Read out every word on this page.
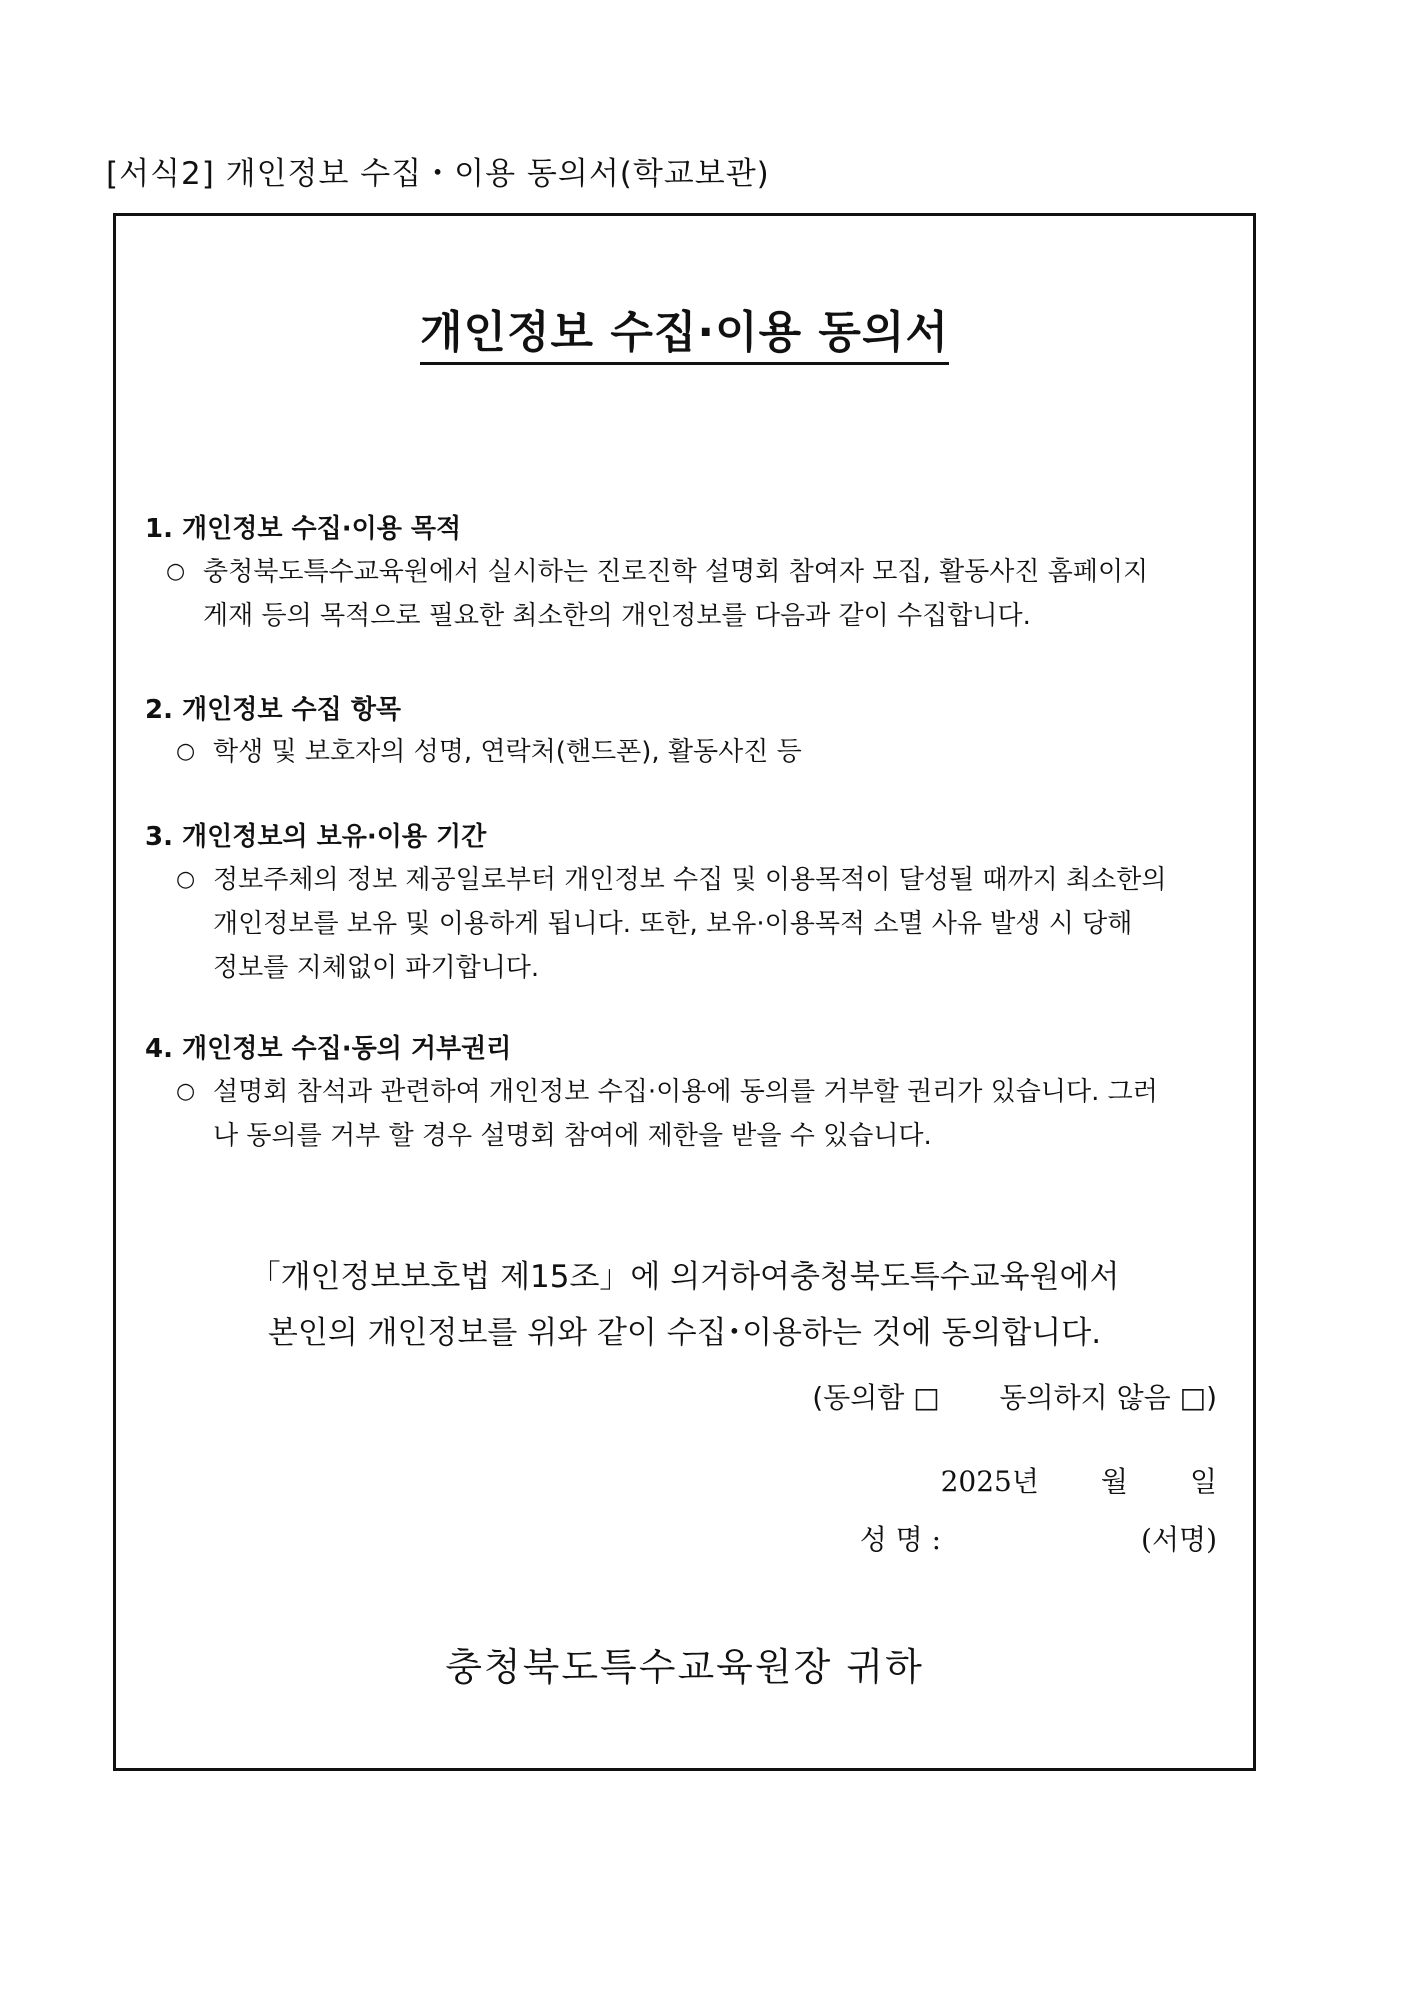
[서식2] 개인정보 수집・이용 동의서(학교보관)
개인정보 수집·이용 동의서
1. 개인정보 수집·이용 목적
○ 충청북도특수교육원에서 실시하는 진로진학 설명회 참여자 모집, 활동사진 홈페이지
게재 등의 목적으로 필요한 최소한의 개인정보를 다음과 같이 수집합니다.
2. 개인정보 수집 항목
○ 학생 및 보호자의 성명, 연락처(핸드폰), 활동사진 등
3. 개인정보의 보유·이용 기간
○ 정보주체의 정보 제공일로부터 개인정보 수집 및 이용목적이 달성될 때까지 최소한의
개인정보를 보유 및 이용하게 됩니다. 또한, 보유·이용목적 소멸 사유 발생 시 당해
정보를 지체없이 파기합니다.
4. 개인정보 수집·동의 거부권리
○ 설명회 참석과 관련하여 개인정보 수집·이용에 동의를 거부할 권리가 있습니다. 그러
나 동의를 거부 할 경우 설명회 참여에 제한을 받을 수 있습니다.
「개인정보보호법 제15조」에 의거하여충청북도특수교육원에서
본인의 개인정보를 위와 같이 수집･이용하는 것에 동의합니다.
(동의함 □ 동의하지 않음 □)
2025년 월 일
성 명 :	(서명)
충청북도특수교육원장 귀하
